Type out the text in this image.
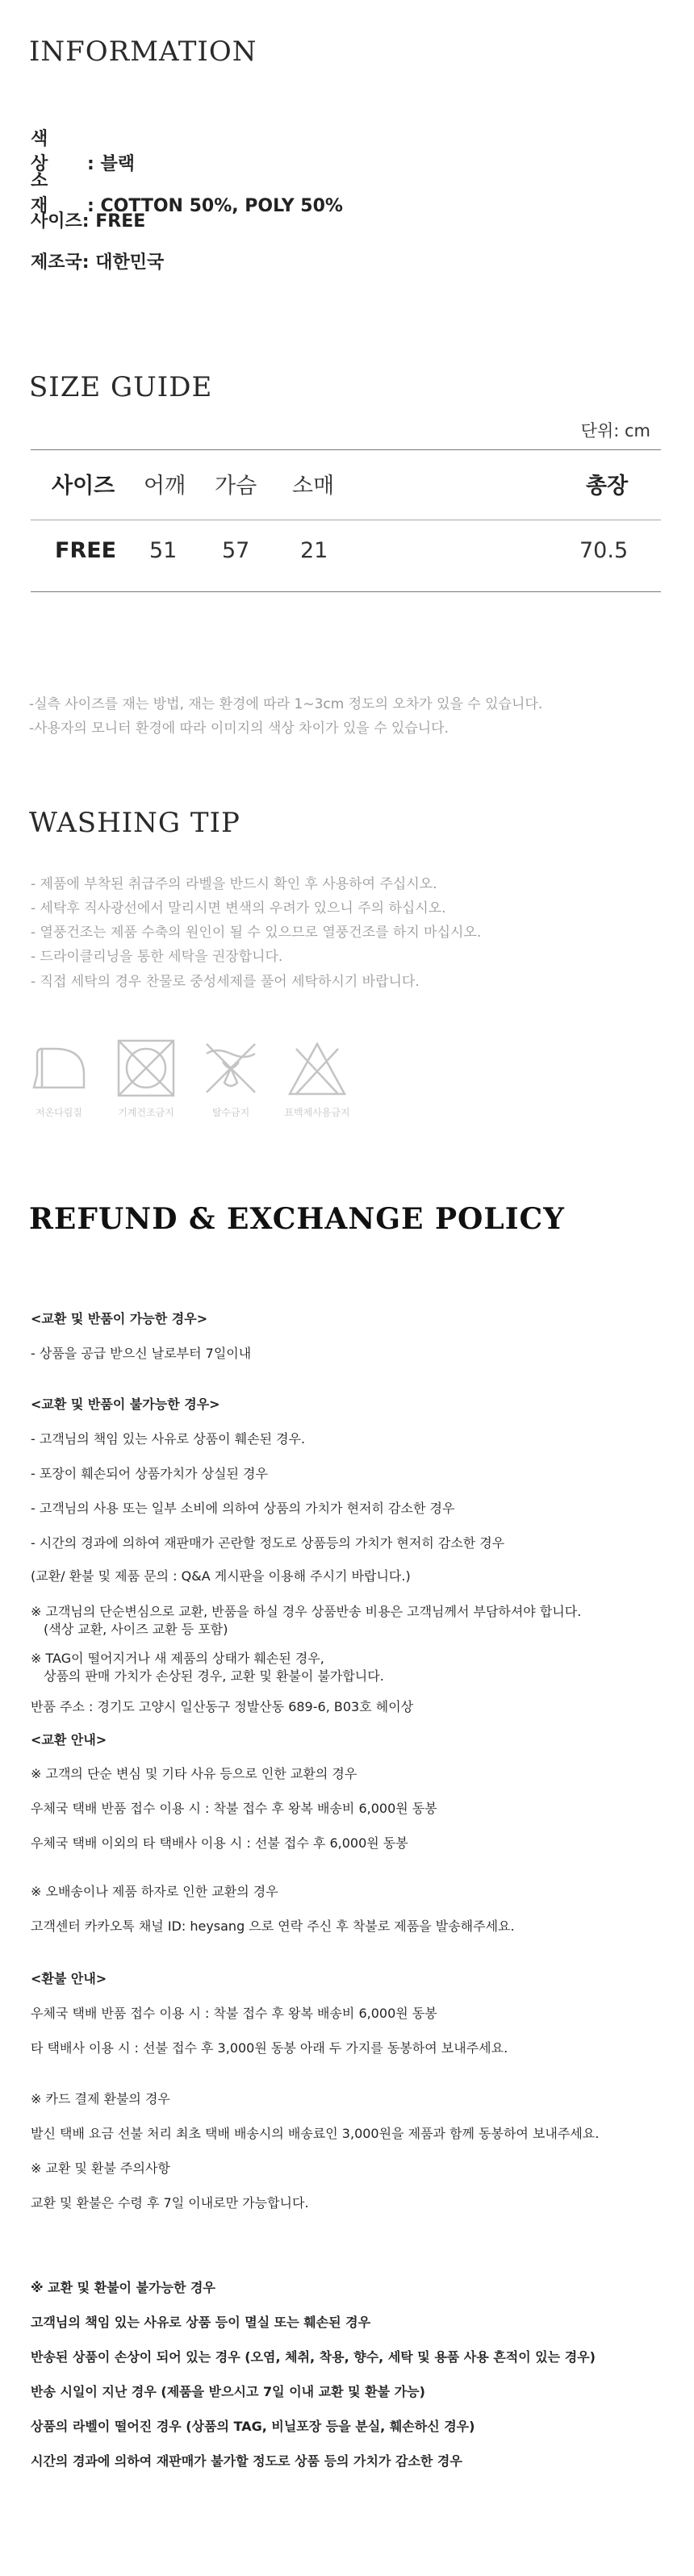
INFORMATION
색 상 : 블랙
소 재 : COTTON 50%, POLY 50%
사이즈: FREE
제조국: 대한민국
SIZE GUIDE
단위: cm
사이즈 어깨 가슴 소매	총장
FREE 51 57 21	70.5
-실측 사이즈를 재는 방법, 재는 환경에 따라 1~3cm 정도의 오차가 있을 수 있습니다.
-사용자의 모니터 환경에 따라 이미지의 색상 차이가 있을 수 있습니다.
WASHING TIP
- 제품에 부착된 취급주의 라벨을 반드시 확인 후 사용하여 주십시오.
- 세탁후 직사광선에서 말리시면 변색의 우려가 있으니 주의 하십시오.
- 열풍건조는 제품 수축의 원인이 될 수 있으므로 열풍건조를 하지 마십시오.
- 드라이클리닝을 통한 세탁을 권장합니다.
- 직접 세탁의 경우 찬물로 중성세제를 풀어 세탁하시기 바랍니다.
저온다림질	기계건조금지	탈수금지	표백제사용금지
REFUND & EXCHANGE POLICY
<교환 및 반품이 가능한 경우>
- 상품을 공급 받으신 날로부터 7일이내
<교환 및 반품이 불가능한 경우>
- 고객님의 책임 있는 사유로 상품이 훼손된 경우.
- 포장이 훼손되어 상품가치가 상실된 경우
- 고객님의 사용 또는 일부 소비에 의하여 상품의 가치가 현저히 감소한 경우
- 시간의 경과에 의하여 재판매가 곤란할 정도로 상품등의 가치가 현저히 감소한 경우
(교환/ 환불 및 제품 문의 : Q&A 게시판을 이용해 주시기 바랍니다.)
※ 고객님의 단순변심으로 교환, 반품을 하실 경우 상품반송 비용은 고객님께서 부담하셔야 합니다.
(색상 교환, 사이즈 교환 등 포함)
※ TAG이 떨어지거나 새 제품의 상태가 훼손된 경우,
상품의 판매 가치가 손상된 경우, 교환 및 환불이 불가합니다.
반품 주소 : 경기도 고양시 일산동구 정발산동 689-6, B03호 헤이상
<교환 안내>
※ 고객의 단순 변심 및 기타 사유 등으로 인한 교환의 경우
우체국 택배 반품 접수 이용 시 : 착불 접수 후 왕복 배송비 6,000원 동봉
우체국 택배 이외의 타 택배사 이용 시 : 선불 접수 후 6,000원 동봉
※ 오배송이나 제품 하자로 인한 교환의 경우
고객센터 카카오톡 채널 ID: heysang 으로 연락 주신 후 착불로 제품을 발송해주세요.
<환불 안내>
우체국 택배 반품 접수 이용 시 : 착불 접수 후 왕복 배송비 6,000원 동봉
타 택배사 이용 시 : 선불 접수 후 3,000원 동봉 아래 두 가지를 동봉하여 보내주세요.
※ 카드 결제 환불의 경우
발신 택배 요금 선불 처리 최초 택배 배송시의 배송료인 3,000원을 제품과 함께 동봉하여 보내주세요.
※ 교환 및 환불 주의사항
교환 및 환불은 수령 후 7일 이내로만 가능합니다.
※ 교환 및 환불이 불가능한 경우
고객님의 책임 있는 사유로 상품 등이 멸실 또는 훼손된 경우
반송된 상품이 손상이 되어 있는 경우 (오염, 체취, 착용, 향수, 세탁 및 용품 사용 흔적이 있는 경우)
반송 시일이 지난 경우 (제품을 받으시고 7일 이내 교환 및 환불 가능)
상품의 라벨이 떨어진 경우 (상품의 TAG, 비닐포장 등을 분실, 훼손하신 경우)
시간의 경과에 의하여 재판매가 불가할 정도로 상품 등의 가치가 감소한 경우
